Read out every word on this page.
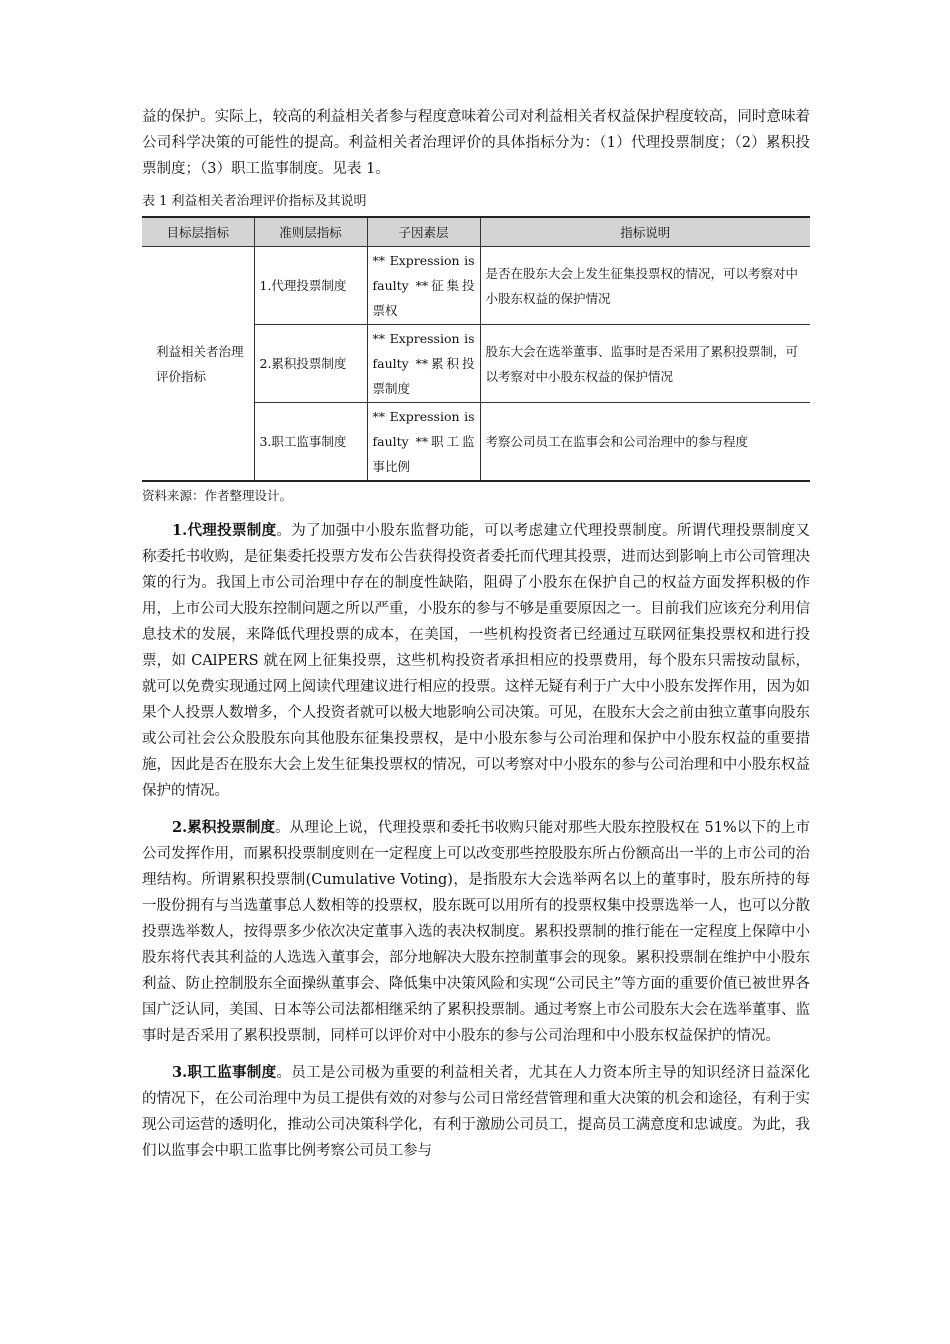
益的保护。实际上，较高的利益相关者参与程度意味着公司对利益相关者权益保护程度较高，同时意味着公司科学决策的可能性的提高。利益相关者治理评价的具体指标分为：（1）代理投票制度；（2）累积投票制度；（3）职工监事制度。见表 1。

表 1 利益相关者治理评价指标及其说明

目标层指标	准则层指标	子因素层	指标说明
利益相关者治理评价指标	1.代理投票制度	** Expression is faulty **征集投票权	是否在股东大会上发生征集投票权的情况，可以考察对中小股东权益的保护情况
	2.累积投票制度	** Expression is faulty **累积投票制度	股东大会在选举董事、监事时是否采用了累积投票制，可以考察对中小股东权益的保护情况
	3.职工监事制度	** Expression is faulty **职工监事比例	考察公司员工在监事会和公司治理中的参与程度

资料来源：作者整理设计。

1.代理投票制度。为了加强中小股东监督功能，可以考虑建立代理投票制度。所谓代理投票制度又称委托书收购，是征集委托投票方发布公告获得投资者委托而代理其投票，进而达到影响上市公司管理决策的行为。我国上市公司治理中存在的制度性缺陷，阻碍了小股东在保护自己的权益方面发挥积极的作用，上市公司大股东控制问题之所以严重，小股东的参与不够是重要原因之一。目前我们应该充分利用信息技术的发展，来降低代理投票的成本，在美国，一些机构投资者已经通过互联网征集投票权和进行投票，如 CAlPERS 就在网上征集投票，这些机构投资者承担相应的投票费用，每个股东只需按动鼠标，就可以免费实现通过网上阅读代理建议进行相应的投票。这样无疑有利于广大中小股东发挥作用，因为如果个人投票人数增多，个人投资者就可以极大地影响公司决策。可见，在股东大会之前由独立董事向股东或公司社会公众股股东向其他股东征集投票权，是中小股东参与公司治理和保护中小股东权益的重要措施，因此是否在股东大会上发生征集投票权的情况，可以考察对中小股东的参与公司治理和中小股东权益保护的情况。

2.累积投票制度。从理论上说，代理投票和委托书收购只能对那些大股东控股权在 51%以下的上市公司发挥作用，而累积投票制度则在一定程度上可以改变那些控股股东所占份额高出一半的上市公司的治理结构。所谓累积投票制(Cumulative Voting)，是指股东大会选举两名以上的董事时，股东所持的每一股份拥有与当选董事总人数相等的投票权，股东既可以用所有的投票权集中投票选举一人，也可以分散投票选举数人，按得票多少依次决定董事入选的表决权制度。累积投票制的推行能在一定程度上保障中小股东将代表其利益的人选选入董事会，部分地解决大股东控制董事会的现象。累积投票制在维护中小股东利益、防止控制股东全面操纵董事会、降低集中决策风险和实现“公司民主”等方面的重要价值已被世界各国广泛认同，美国、日本等公司法都相继采纳了累积投票制。通过考察上市公司股东大会在选举董事、监事时是否采用了累积投票制，同样可以评价对中小股东的参与公司治理和中小股东权益保护的情况。

3.职工监事制度。员工是公司极为重要的利益相关者，尤其在人力资本所主导的知识经济日益深化的情况下，在公司治理中为员工提供有效的对参与公司日常经营管理和重大决策的机会和途径，有利于实现公司运营的透明化，推动公司决策科学化，有利于激励公司员工，提高员工满意度和忠诚度。为此，我们以监事会中职工监事比例考察公司员工参与
